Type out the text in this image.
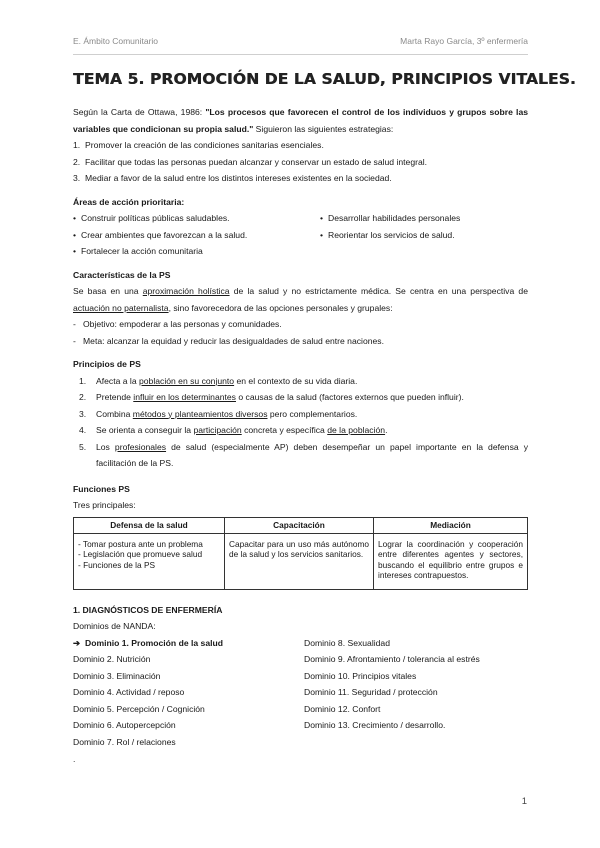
E. Ámbito Comunitario	Marta Rayo García, 3º enfermería
TEMA 5. PROMOCIÓN DE LA SALUD, PRINCIPIOS VITALES.

Según la Carta de Ottawa, 1986: "Los procesos que favorecen el control de los individuos y grupos sobre las variables que condicionan su propia salud." Siguieron las siguientes estrategias:

1. Promover la creación de las condiciones sanitarias esenciales.
2. Facilitar que todas las personas puedan alcanzar y conservar un estado de salud integral.
3. Mediar a favor de la salud entre los distintos intereses existentes en la sociedad.
Áreas de acción prioritaria:
• Construir políticas públicas saludables.	• Desarrollar habilidades personales
• Crear ambientes que favorezcan a la salud.	• Reorientar los servicios de salud.
• Fortalecer la acción comunitaria
Características de la PS

Se basa en una aproximación holística de la salud y no estrictamente médica. Se centra en una perspectiva de actuación no paternalista, sino favorecedora de las opciones personales y grupales:

- Objetivo: empoderar a las personas y comunidades.
- Meta: alcanzar la equidad y reducir las desigualdades de salud entre naciones.
Principios de PS
1.	Afecta a la población en su conjunto en el contexto de su vida diaria.
2.	Pretende influir en los determinantes o causas de la salud (factores externos que pueden influir).
3.	Combina métodos y planteamientos diversos pero complementarios.
4.	Se orienta a conseguir la participación concreta y específica de la población.
5.	Los profesionales de salud (especialmente AP) deben desempeñar un papel importante en la defensa y facilitación de la PS.
Funciones PS
Tres principales:
Defensa de la salud	Capacitación	Mediación

- Tomar postura ante un problema
- Legislación que promueve salud
- Funciones de la PS	Capacitar para un uso más autónomo de la salud y los servicios sanitarios.	Lograr la coordinación y cooperación entre diferentes agentes y sectores, buscando el equilibrio entre grupos e intereses contrapuestos.
1. DIAGNÓSTICOS DE ENFERMERÍA
Dominios de NANDA:
➔ Dominio 1. Promoción de la salud	Dominio 8. Sexualidad
Dominio 2. Nutrición	Dominio 9. Afrontamiento / tolerancia al estrés
Dominio 3. Eliminación	Dominio 10. Principios vitales
Dominio 4. Actividad / reposo	Dominio 11. Seguridad / protección
Dominio 5. Percepción / Cognición	Dominio 12. Confort
Dominio 6. Autopercepción	Dominio 13. Crecimiento / desarrollo.
Dominio 7. Rol / relaciones
.
1
